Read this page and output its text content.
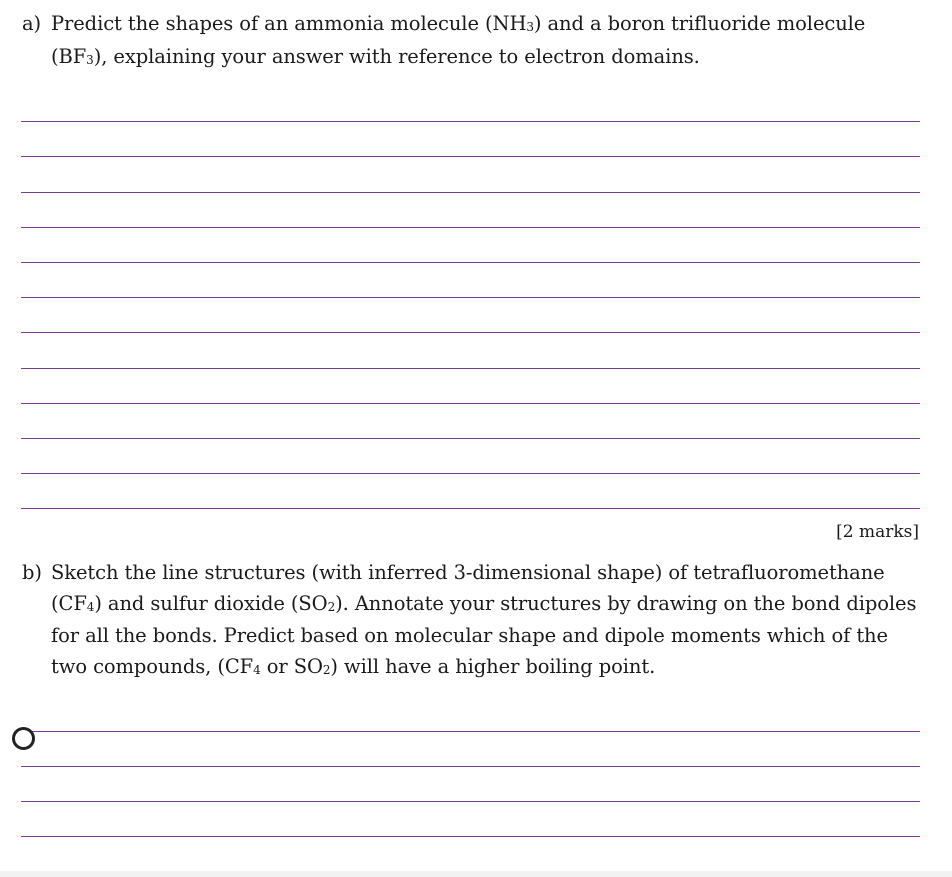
a) Predict the shapes of an ammonia molecule $(NH_3)$ and a boron trifluoride molecule $(BF_3)$, explaining your answer with reference to electron domains.
[2 marks]
b) Sketch the line structures (with inferred 3-dimensional shape) of tetrafluoromethane $(CF_4)$ and sulfur dioxide $(SO_2)$. Annotate your structures by drawing on the bond dipoles for all the bonds. Predict based on molecular shape and dipole moments which of the two compounds, ($CF_4$ or $SO_2$) will have a higher boiling point.
